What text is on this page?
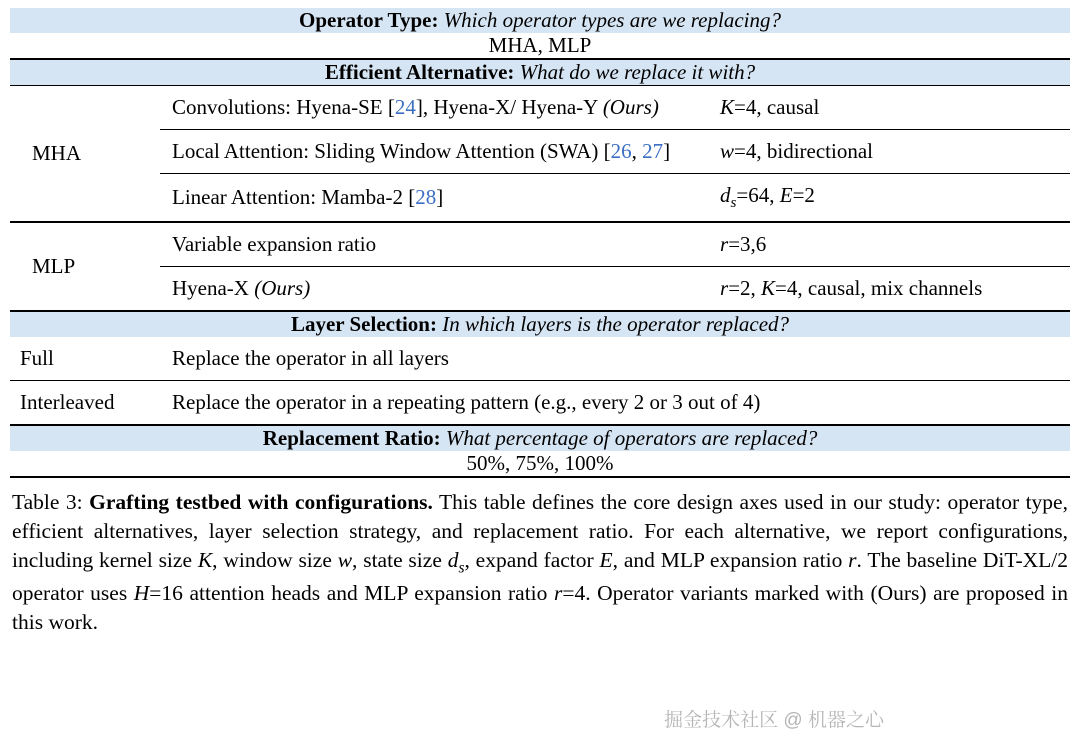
Operator Type: Which operator types are we replacing?		
MHA, MLP		
Efficient Alternative: What do we replace it with?		
MHA	Convolutions: Hyena-SE [24], Hyena-X/ Hyena-Y (Ours)	K=4, causal
	Local Attention: Sliding Window Attention (SWA) [26, 27]	w=4, bidirectional
	Linear Attention: Mamba-2 [28]	$d_s=64$, E=2
MLP	Variable expansion ratio	r=3,6
	Hyena-X (Ours)	r=2, K=4, causal, mix channels
Layer Selection: In which layers is the operator replaced?		
Full	Replace the operator in all layers	
Interleaved	Replace the operator in a repeating pattern (e.g., every 2 or 3 out of 4)	
Replacement Ratio: What percentage of operators are replaced?		
50%, 75%, 100%		
Table 3: Grafting testbed with configurations. This table defines the core design axes used in our study: operator type, efficient alternatives, layer selection strategy, and replacement ratio. For each alternative, we report configurations, including kernel size K, window size w, state size $d_s$, expand factor E, and MLP expansion ratio r. The baseline DiT-XL/2 operator uses H=16 attention heads and MLP expansion ratio r=4. Operator variants marked with (Ours) are proposed in this work.
掘金技术社区 @ 机器之心
